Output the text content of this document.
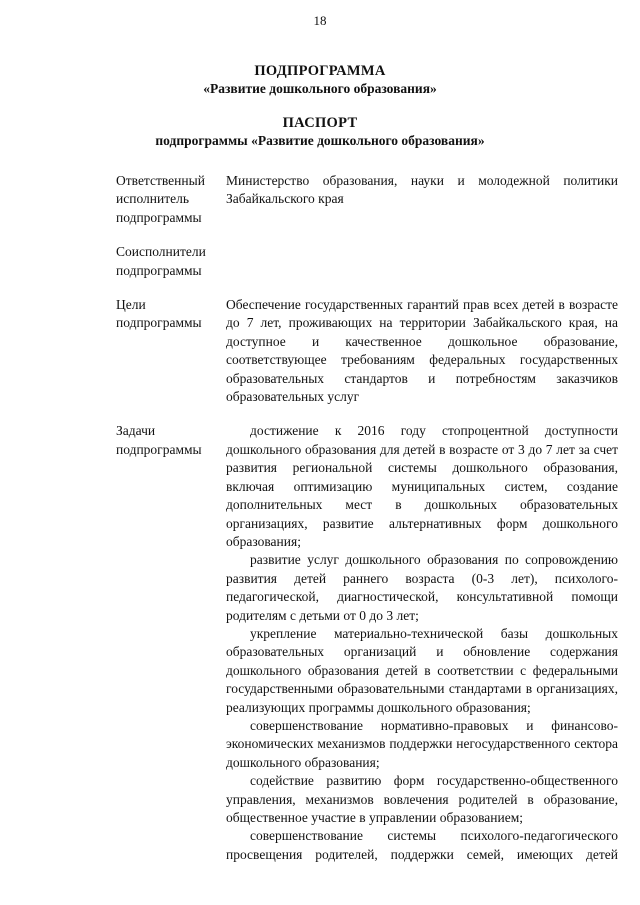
18
ПОДПРОГРАММА
«Развитие дошкольного образования»
ПАСПОРТ
подпрограммы «Развитие дошкольного образования»
Ответственный
исполнитель
подпрограммы

Министерство образования, науки и молодежной политики Забайкальского края

Соисполнители
подпрограммы

Цели
подпрограммы

Обеспечение государственных гарантий прав всех детей в возрасте до 7 лет, проживающих на территории Забайкальского края, на доступное и качественное дошкольное образование, соответствующее требованиям федеральных государственных образовательных стандартов и потребностям заказчиков образовательных услуг

Задачи
подпрограммы

достижение к 2016 году стопроцентной доступности дошкольного образования для детей в возрасте от 3 до 7 лет за счет развития региональной системы дошкольного образования, включая оптимизацию муниципальных систем, создание дополнительных мест в дошкольных образовательных организациях, развитие альтернативных форм дошкольного образования;

развитие услуг дошкольного образования по сопровождению развития детей раннего возраста (0-3 лет), психолого-педагогической, диагностической, консультативной помощи родителям с детьми от 0 до 3 лет;

укрепление материально-технической базы дошкольных образовательных организаций и обновление содержания дошкольного образования детей в соответствии с федеральными государственными образовательными стандартами в организациях, реализующих программы дошкольного образования;

совершенствование нормативно-правовых и финансово-экономических механизмов поддержки негосударственного сектора дошкольного образования;

содействие развитию форм государственно-общественного управления, механизмов вовлечения родителей в образование, общественное участие в управлении образованием;

совершенствование системы психолого-педагогического просвещения родителей, поддержки семей, имеющих детей
